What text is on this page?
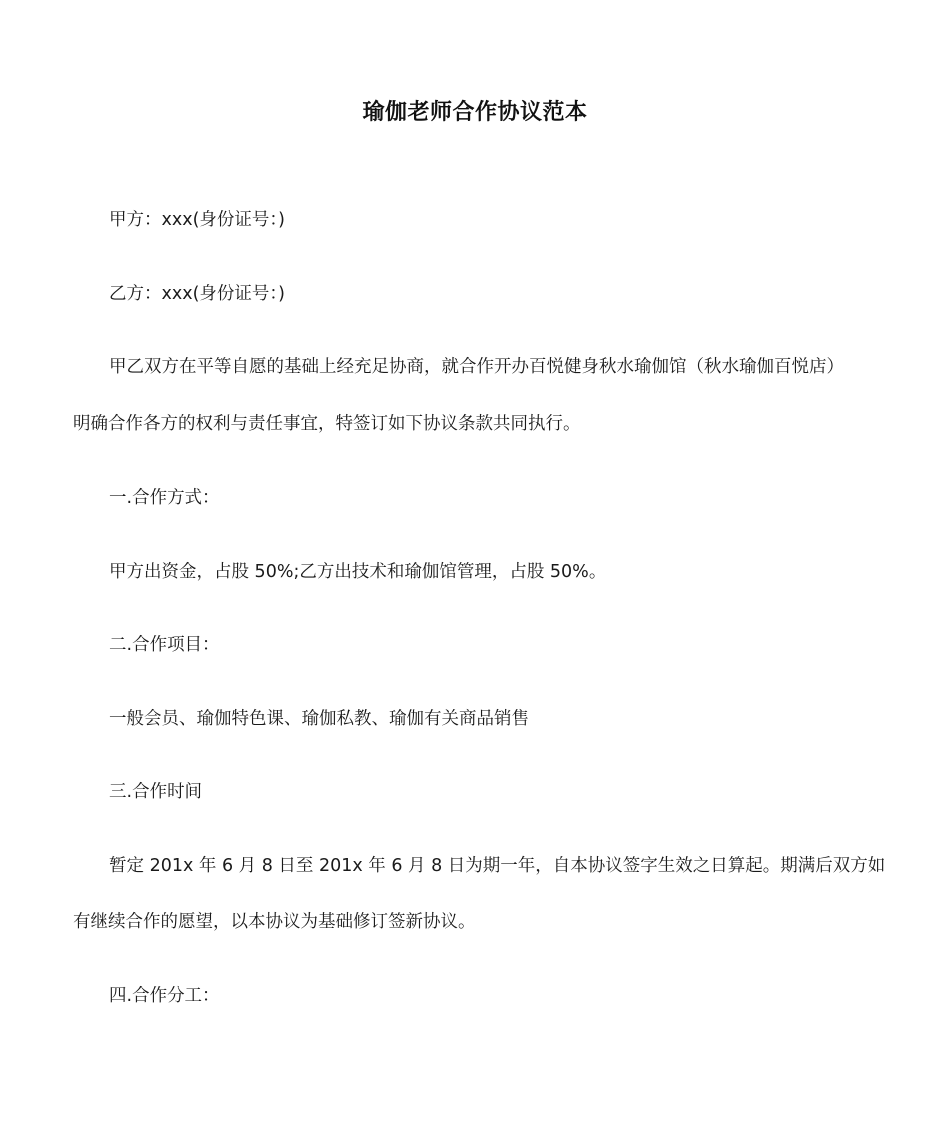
瑜伽老师合作协议范本
甲方：xxx(身份证号：)
乙方：xxx(身份证号：)
甲乙双方在平等自愿的基础上经充足协商，就合作开办百悦健身秋水瑜伽馆（秋水瑜伽百悦店）
明确合作各方的权利与责任事宜，特签订如下协议条款共同执行。
一.合作方式：
甲方出资金，占股 50%;乙方出技术和瑜伽馆管理，占股 50%。
二.合作项目：
一般会员、瑜伽特色课、瑜伽私教、瑜伽有关商品销售
三.合作时间
暂定 201x 年 6 月 8 日至 201x 年 6 月 8 日为期一年，自本协议签字生效之日算起。期满后双方如
有继续合作的愿望，以本协议为基础修订签新协议。
四.合作分工：
